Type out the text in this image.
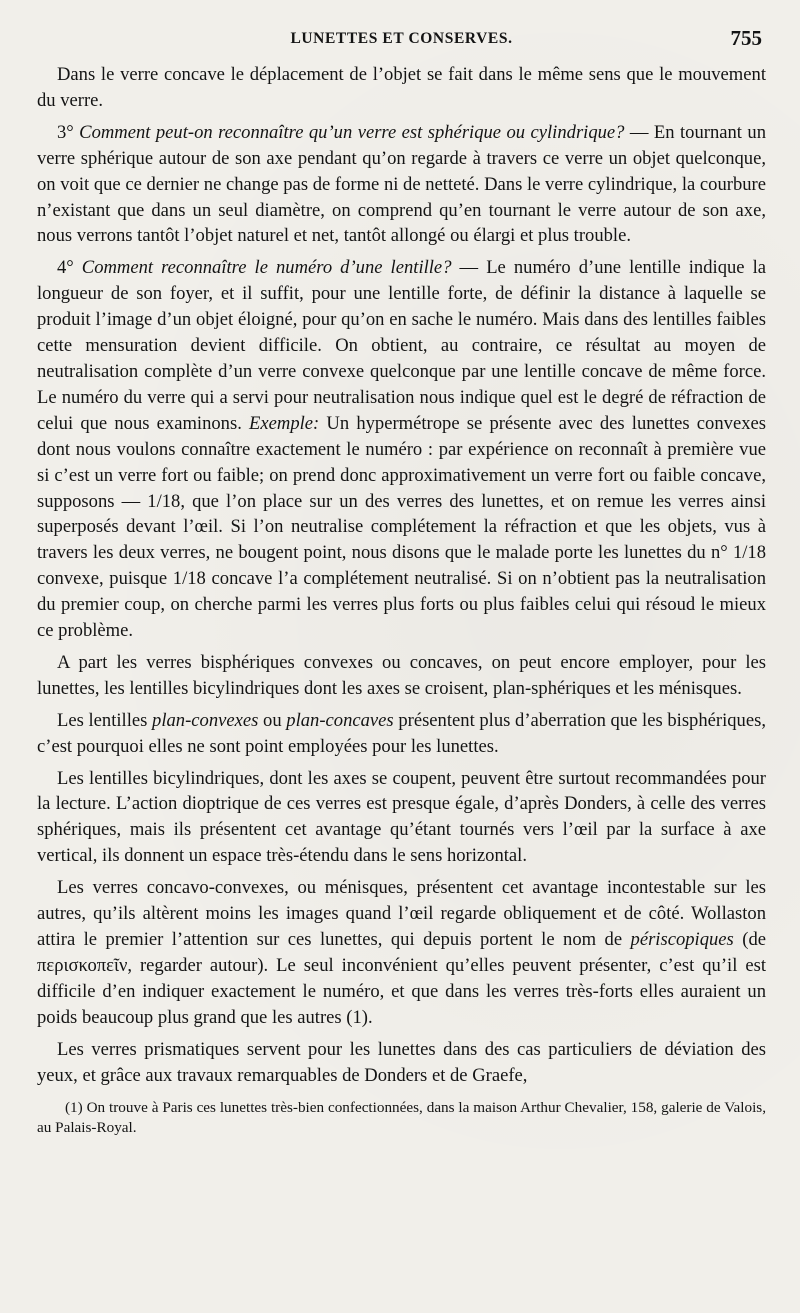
LUNETTES ET CONSERVES.	755

Dans le verre concave le déplacement de l’objet se fait dans le même sens que le mouvement du verre.

3° Comment peut-on reconnaître qu’un verre est sphérique ou cylindrique? — En tournant un verre sphérique autour de son axe pendant qu’on regarde à travers ce verre un objet quelconque, on voit que ce dernier ne change pas de forme ni de netteté. Dans le verre cylindrique, la courbure n’existant que dans un seul diamètre, on comprend qu’en tournant le verre autour de son axe, nous verrons tantôt l’objet naturel et net, tantôt allongé ou élargi et plus trouble.

4° Comment reconnaître le numéro d’une lentille? — Le numéro d’une lentille indique la longueur de son foyer, et il suffit, pour une lentille forte, de définir la distance à laquelle se produit l’image d’un objet éloigné, pour qu’on en sache le numéro. Mais dans des lentilles faibles cette mensuration devient difficile. On obtient, au contraire, ce résultat au moyen de neutralisation complète d’un verre convexe quelconque par une lentille concave de même force. Le numéro du verre qui a servi pour neutralisation nous indique quel est le degré de réfraction de celui que nous examinons. Exemple: Un hypermétrope se présente avec des lunettes convexes dont nous voulons connaître exactement le numéro : par expérience on reconnaît à première vue si c’est un verre fort ou faible; on prend donc approximativement un verre fort ou faible concave, supposons — 1/18, que l’on place sur un des verres des lunettes, et on remue les verres ainsi superposés devant l’œil. Si l’on neutralise complétement la réfraction et que les objets, vus à travers les deux verres, ne bougent point, nous disons que le malade porte les lunettes du n° 1/18 convexe, puisque 1/18 concave l’a complétement neutralisé. Si on n’obtient pas la neutralisation du premier coup, on cherche parmi les verres plus forts ou plus faibles celui qui résoud le mieux ce problème.

A part les verres bisphériques convexes ou concaves, on peut encore employer, pour les lunettes, les lentilles bicylindriques dont les axes se croisent, plan-sphériques et les ménisques.

Les lentilles plan-convexes ou plan-concaves présentent plus d’aberration que les bisphériques, c’est pourquoi elles ne sont point employées pour les lunettes.

Les lentilles bicylindriques, dont les axes se coupent, peuvent être surtout recommandées pour la lecture. L’action dioptrique de ces verres est presque égale, d’après Donders, à celle des verres sphériques, mais ils présentent cet avantage qu’étant tournés vers l’œil par la surface à axe vertical, ils donnent un espace très-étendu dans le sens horizontal.

Les verres concavo-convexes, ou ménisques, présentent cet avantage incontestable sur les autres, qu’ils altèrent moins les images quand l’œil regarde obliquement et de côté. Wollaston attira le premier l’attention sur ces lunettes, qui depuis portent le nom de périscopiques (de περισκοπεῖν, regarder autour). Le seul inconvénient qu’elles peuvent présenter, c’est qu’il est difficile d’en indiquer exactement le numéro, et que dans les verres très-forts elles auraient un poids beaucoup plus grand que les autres (1).

Les verres prismatiques servent pour les lunettes dans des cas particuliers de déviation des yeux, et grâce aux travaux remarquables de Donders et de Graefe,

(1) On trouve à Paris ces lunettes très-bien confectionnées, dans la maison Arthur Chevalier, 158, galerie de Valois, au Palais-Royal.
